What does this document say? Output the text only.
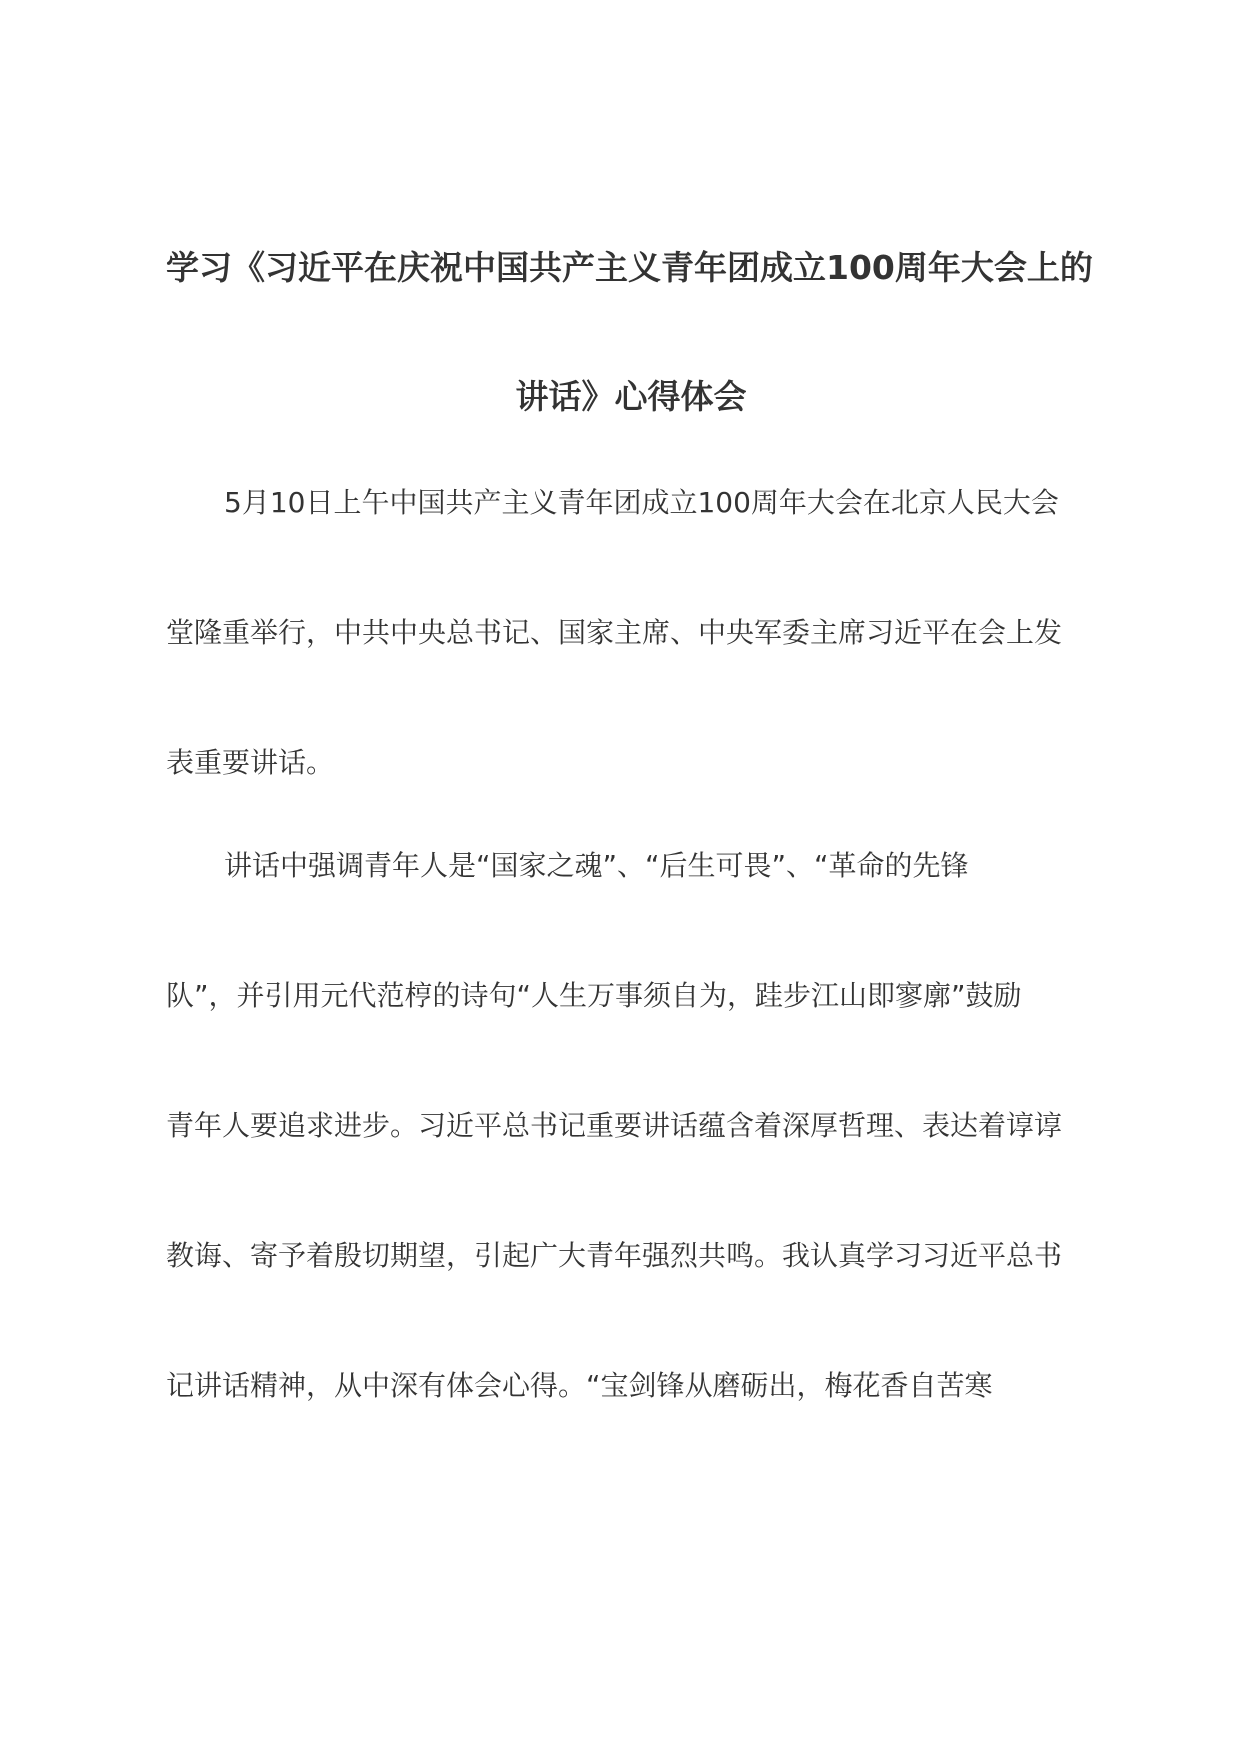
学习《习近平在庆祝中国共产主义青年团成立100周年大会上的
讲话》心得体会
5月10日上午中国共产主义青年团成立100周年大会在北京人民大会
堂隆重举行，中共中央总书记、国家主席、中央军委主席习近平在会上发
表重要讲话。
讲话中强调青年人是“国家之魂”、“后生可畏”、“革命的先锋
队”，并引用元代范梈的诗句“人生万事须自为，跬步江山即寥廓”鼓励
青年人要追求进步。习近平总书记重要讲话蕴含着深厚哲理、表达着谆谆
教诲、寄予着殷切期望，引起广大青年强烈共鸣。我认真学习习近平总书
记讲话精神，从中深有体会心得。“宝剑锋从磨砺出，梅花香自苦寒
